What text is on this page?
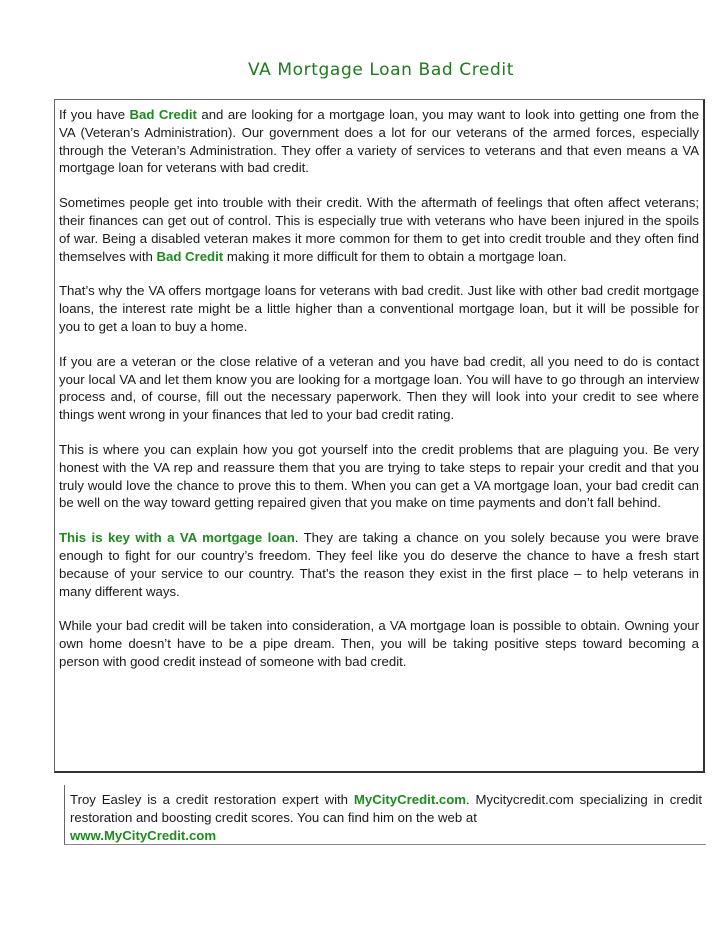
VA Mortgage Loan Bad Credit

If you have Bad Credit and are looking for a mortgage loan, you may want to look into getting one from the VA (Veteran’s Administration). Our government does a lot for our veterans of the armed forces, especially through the Veteran’s Administration. They offer a variety of services to veterans and that even means a VA mortgage loan for veterans with bad credit.

Sometimes people get into trouble with their credit. With the aftermath of feelings that often affect veterans; their finances can get out of control. This is especially true with veterans who have been injured in the spoils of war. Being a disabled veteran makes it more common for them to get into credit trouble and they often find themselves with Bad Credit making it more difficult for them to obtain a mortgage loan.

That’s why the VA offers mortgage loans for veterans with bad credit. Just like with other bad credit mortgage loans, the interest rate might be a little higher than a conventional mortgage loan, but it will be possible for you to get a loan to buy a home.

If you are a veteran or the close relative of a veteran and you have bad credit, all you need to do is contact your local VA and let them know you are looking for a mortgage loan. You will have to go through an interview process and, of course, fill out the necessary paperwork. Then they will look into your credit to see where things went wrong in your finances that led to your bad credit rating.

This is where you can explain how you got yourself into the credit problems that are plaguing you. Be very honest with the VA rep and reassure them that you are trying to take steps to repair your credit and that you truly would love the chance to prove this to them. When you can get a VA mortgage loan, your bad credit can be well on the way toward getting repaired given that you make on time payments and don’t fall behind.

This is key with a VA mortgage loan. They are taking a chance on you solely because you were brave enough to fight for our country’s freedom. They feel like you do deserve the chance to have a fresh start because of your service to our country. That’s the reason they exist in the first place – to help veterans in many different ways.

While your bad credit will be taken into consideration, a VA mortgage loan is possible to obtain. Owning your own home doesn’t have to be a pipe dream. Then, you will be taking positive steps toward becoming a person with good credit instead of someone with bad credit.

Troy Easley is a credit restoration expert with MyCityCredit.com. Mycitycredit.com specializing in credit restoration and boosting credit scores. You can find him on the web at
www.MyCityCredit.com
